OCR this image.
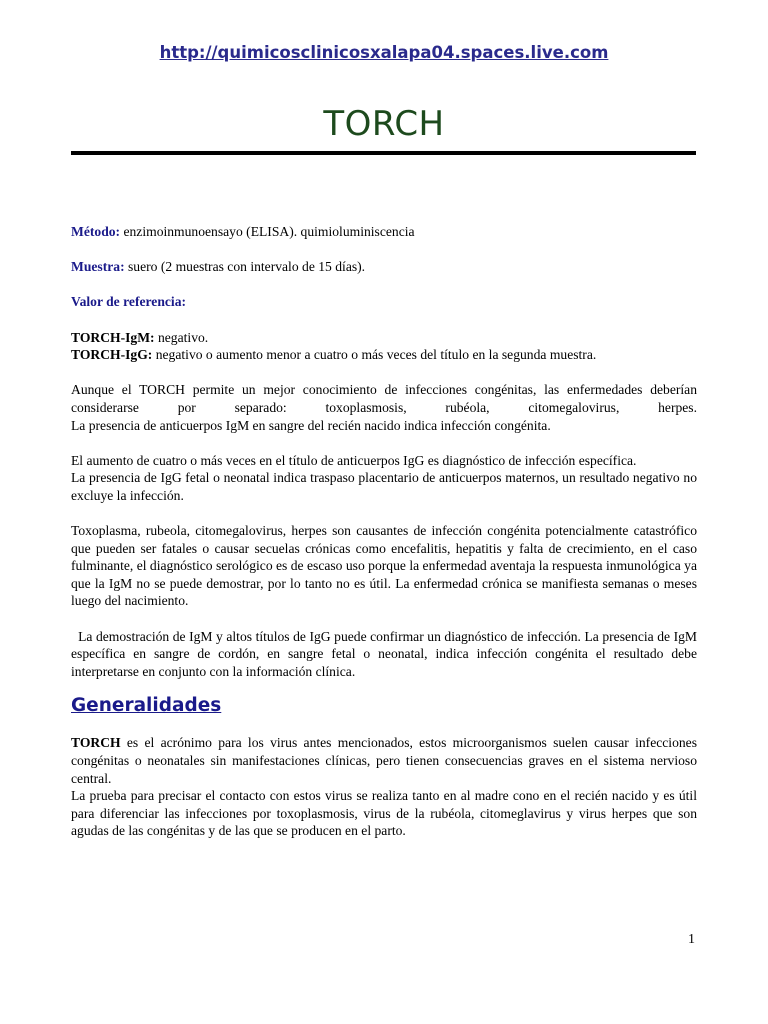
http://quimicosclinicosxalapa04.spaces.live.com
TORCH

Método: enzimoinmunoensayo (ELISA). quimioluminiscencia

Muestra: suero (2 muestras con intervalo de 15 días).

Valor de referencia:

TORCH-IgM: negativo.

TORCH-IgG: negativo o aumento menor a cuatro o más veces del título en la segunda muestra.

Aunque el TORCH permite un mejor conocimiento de infecciones congénitas, las enfermedades deberían considerarse por separado: toxoplasmosis, rubéola, citomegalovirus, herpes.

La presencia de anticuerpos IgM en sangre del recién nacido indica infección congénita.

El aumento de cuatro o más veces en el título de anticuerpos IgG es diagnóstico de infección específica.

La presencia de IgG fetal o neonatal indica traspaso placentario de anticuerpos maternos, un resultado negativo no excluye la infección.

Toxoplasma, rubeola, citomegalovirus, herpes son causantes de infección congénita potencialmente catastrófico que pueden ser fatales o causar secuelas crónicas como encefalitis, hepatitis y falta de crecimiento, en el caso fulminante, el diagnóstico serológico es de escaso uso porque la enfermedad aventaja la respuesta inmunológica ya que la IgM no se puede demostrar, por lo tanto no es útil. La enfermedad crónica se manifiesta semanas o meses luego del nacimiento.

La demostración de IgM y altos títulos de IgG puede confirmar un diagnóstico de infección. La presencia de IgM específica en sangre de cordón, en sangre fetal o neonatal, indica infección congénita el resultado debe interpretarse en conjunto con la información clínica.

Generalidades

TORCH es el acrónimo para los virus antes mencionados, estos microorganismos suelen causar infecciones congénitas o neonatales sin manifestaciones clínicas, pero tienen consecuencias graves en el sistema nervioso central.

La prueba para precisar el contacto con estos virus se realiza tanto en al madre cono en el recién nacido y es útil para diferenciar las infecciones por toxoplasmosis, virus de la rubéola, citomeglavirus y virus herpes que son agudas de las congénitas y de las que se producen en el parto.

1
